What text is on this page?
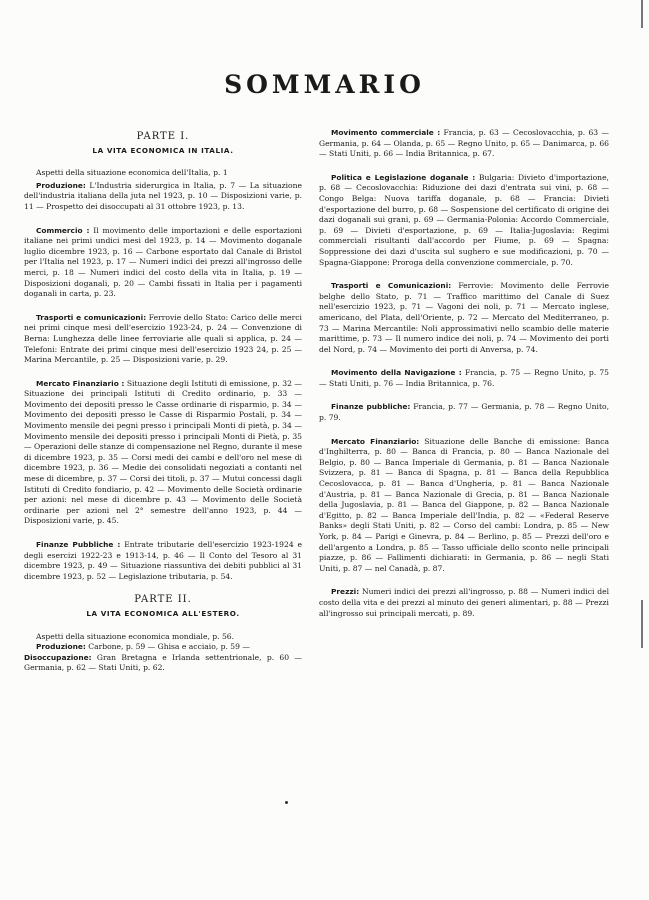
SOMMARIO
PARTE I.
LA VITA ECONOMICA IN ITALIA.
Aspetti della situazione economica dell'Italia, p. 1
Produzione: L'Industria siderurgica in Italia, p. 7 — La situazione dell'industria italiana della juta nel 1923, p. 10 — Disposizioni varie, p. 11 — Prospetto dei disoccupati al 31 ottobre 1923, p. 13.
Commercio : Il movimento delle importazioni e delle esportazioni italiane nei primi undici mesi del 1923, p. 14 — Movimento doganale luglio dicembre 1923, p. 16 — Carbone esportato dal Canale di Bristol per l'Italia nel 1923, p. 17 — Numeri indici dei prezzi all'ingrosso delle merci, p. 18 — Numeri indici del costo della vita in Italia, p. 19 — Disposizioni doganali, p. 20 — Cambi fissati in Italia per i pagamenti doganali in carta, p. 23.
Trasporti e comunicazioni: Ferrovie dello Stato: Carico delle merci nei primi cinque mesi dell'esercizio 1923-24, p. 24 — Convenzione di Berna: Lunghezza delle linee ferroviarie alle quali si applica, p. 24 — Telefoni: Entrate dei primi cinque mesi dell'esercizio 1923 24, p. 25 — Marina Mercantile, p. 25 — Disposizioni varie, p. 29.
Mercato Finanziario : Situazione degli Istituti di emissione, p. 32 — Situazione dei principali Istituti di Credito ordinario, p. 33 — Movimento dei depositi presso le Casse ordinarie di risparmio, p. 34 — Movimento dei depositi presso le Casse di Risparmio Postali, p. 34 — Movimento mensile dei pegni presso i principali Monti di pietà, p. 34 — Movimento mensile dei depositi presso i principali Monti di Pietà, p. 35 — Operazioni delle stanze di compensazione nel Regno, durante il mese di dicembre 1923, p. 35 — Corsi medi dei cambi e dell'oro nel mese di dicembre 1923, p. 36 — Medie dei consolidati negoziati a contanti nel mese di dicembre, p. 37 — Corsi dei titoli, p. 37 — Mutui concessi dagli Istituti di Credito fondiario, p. 42 — Movimento delle Società ordinarie per azioni: nel mese di dicembre p. 43 — Movimento delle Società ordinarie per azioni nel 2° semestre dell'anno 1923, p. 44 — Disposizioni varie, p. 45.
Finanze Pubbliche : Entrate tributarie dell'esercizio 1923-1924 e degli esercizi 1922-23 e 1913-14, p. 46 — Il Conto del Tesoro al 31 dicembre 1923, p. 49 — Situazione riassuntiva dei debiti pubblici al 31 dicembre 1923, p. 52 — Legislazione tributaria, p. 54.
PARTE II.
LA VITA ECONOMICA ALL'ESTERO.
Aspetti della situazione economica mondiale, p. 56.
Produzione: Carbone, p. 59 — Ghisa e acciaio, p. 59 —
Disoccupazione: Gran Bretagna e Irlanda settentrionale, p. 60 — Germania, p. 62 — Stati Uniti, p. 62.
Movimento commerciale : Francia, p. 63 — Cecoslovacchia, p. 63 — Germania, p. 64 — Olanda, p. 65 — Regno Unito, p. 65 — Danimarca, p. 66 — Stati Uniti, p. 66 — India Britannica, p. 67.
Politica e Legislazione doganale : Bulgaria: Divieto d'importazione, p. 68 — Cecoslovacchia: Riduzione dei dazi d'entrata sui vini, p. 68 — Congo Belga: Nuova tariffa doganale, p. 68 — Francia: Divieti d'esportazione del burro, p. 68 — Sospensione del certificato di origine dei dazi doganali sui grani, p. 69 — Germania-Polonia: Accordo Commerciale, p. 69 — Divieti d'esportazione, p. 69 — Italia-Jugoslavia: Regimi commerciali risultanti dall'accordo per Fiume, p. 69 — Spagna: Soppressione dei dazi d'uscita sul sughero e sue modificazioni, p. 70 — Spagna-Giappone: Proroga della convenzione commerciale, p. 70.
Trasporti e Comunicazioni: Ferrovie: Movimento delle Ferrovie belghe dello Stato, p. 71 — Traffico marittimo del Canale di Suez nell'esercizio 1923, p. 71 — Vagoni dei noli, p. 71 — Mercato inglese, americano, del Plata, dell'Oriente, p. 72 — Mercato del Mediterraneo, p. 73 — Marina Mercantile: Noli approssimativi nello scambio delle materie marittime, p. 73 — Il numero indice dei noli, p. 74 — Movimento dei porti del Nord, p. 74 — Movimento dei porti di Anversa, p. 74.
Movimento della Navigazione : Francia, p. 75 — Regno Unito, p. 75 — Stati Uniti, p. 76 — India Britannica, p. 76.
Finanze pubbliche: Francia, p. 77 — Germania, p. 78 — Regno Unito, p. 79.
Mercato Finanziario: Situazione delle Banche di emissione: Banca d'Inghilterra, p. 80 — Banca di Francia, p. 80 — Banca Nazionale del Belgio, p. 80 — Banca Imperiale di Germania, p. 81 — Banca Nazionale Svizzera, p. 81 — Banca di Spagna, p. 81 — Banca della Repubblica Cecoslovacca, p. 81 — Banca d'Ungheria, p. 81 — Banca Nazionale d'Austria, p. 81 — Banca Nazionale di Grecia, p. 81 — Banca Nazionale della Jugoslavia, p. 81 — Banca del Giappone, p. 82 — Banca Nazionale d'Egitto, p. 82 — Banca Imperiale dell'India, p. 82 — «Federal Reserve Banks» degli Stati Uniti, p. 82 — Corso del cambi: Londra, p. 85 — New York, p. 84 — Parigi e Ginevra, p. 84 — Berlino, p. 85 — Prezzi dell'oro e dell'argento a Londra, p. 85 — Tasso ufficiale dello sconto nelle principali piazze, p. 86 — Fallimenti dichiarati: in Germania, p. 86 — negli Stati Uniti, p. 87 — nel Canadà, p. 87.
Prezzi: Numeri indici dei prezzi all'ingrosso, p. 88 — Numeri indici del costo della vita e dei prezzi al minuto dei generi alimentari, p. 88 — Prezzi all'ingrosso sui principali mercati, p. 89.
